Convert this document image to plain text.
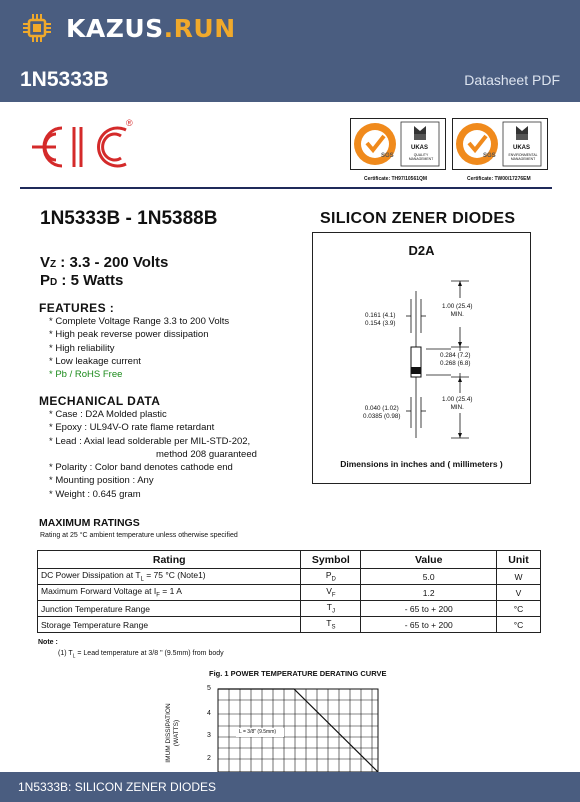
KAZUS.RUN
1N5333B	Datasheet PDF
®
SGS
UKAS
QUALITY MANAGEMENT	SGS
UKAS
ENVIRONMENTAL MANAGEMENT
Certificate: TH97/10561QM	Certificate: TW00/17276EM
1N5333B - 1N5388B	SILICON ZENER DIODES
VZ : 3.3 - 200 Volts
PD : 5 Watts
FEATURES :
* Complete Voltage Range 3.3 to 200 Volts
* High peak reverse power dissipation
* High reliability
* Low leakage current
* Pb / RoHS Free
MECHANICAL DATA
* Case : D2A Molded plastic
* Epoxy : UL94V-O rate flame retardant
* Lead : Axial lead solderable per MIL-STD-202,
method 208 guaranteed
* Polarity : Color band denotes cathode end
* Mounting position : Any
* Weight : 0.645 gram
D2A
1.00 (25.4)
MIN.
0.161 (4.1)
0.154 (3.9)
0.284 (7.2)
0.268 (6.8)
1.00 (25.4)
MIN.
0.040 (1.02)
0.0385 (0.98)
Dimensions in inches and ( millimeters )
MAXIMUM RATINGS
Rating at 25 °C ambient temperature unless otherwise specified
Rating	Symbol	Value	Unit
DC Power Dissipation at $T_L = 75$ °C (Note1)	$P_D$	5.0	W
Maximum Forward Voltage at $I_F = 1$ A	$V_F$	1.2	V
Junction Temperature Range	$T_J$	- 65 to + 200	°C
Storage Temperature Range	$T_S$	- 65 to + 200	°C
Note :
(1) $T_L$ = Lead temperature at 3/8 " (9.5mm) from body
Fig. 1 POWER TEMPERATURE DERATING CURVE
L = 3/8" (9.5mm)
5
4
3
2
IMUM DISSIPATION (WATTS)
1N5333B: SILICON ZENER DIODES
